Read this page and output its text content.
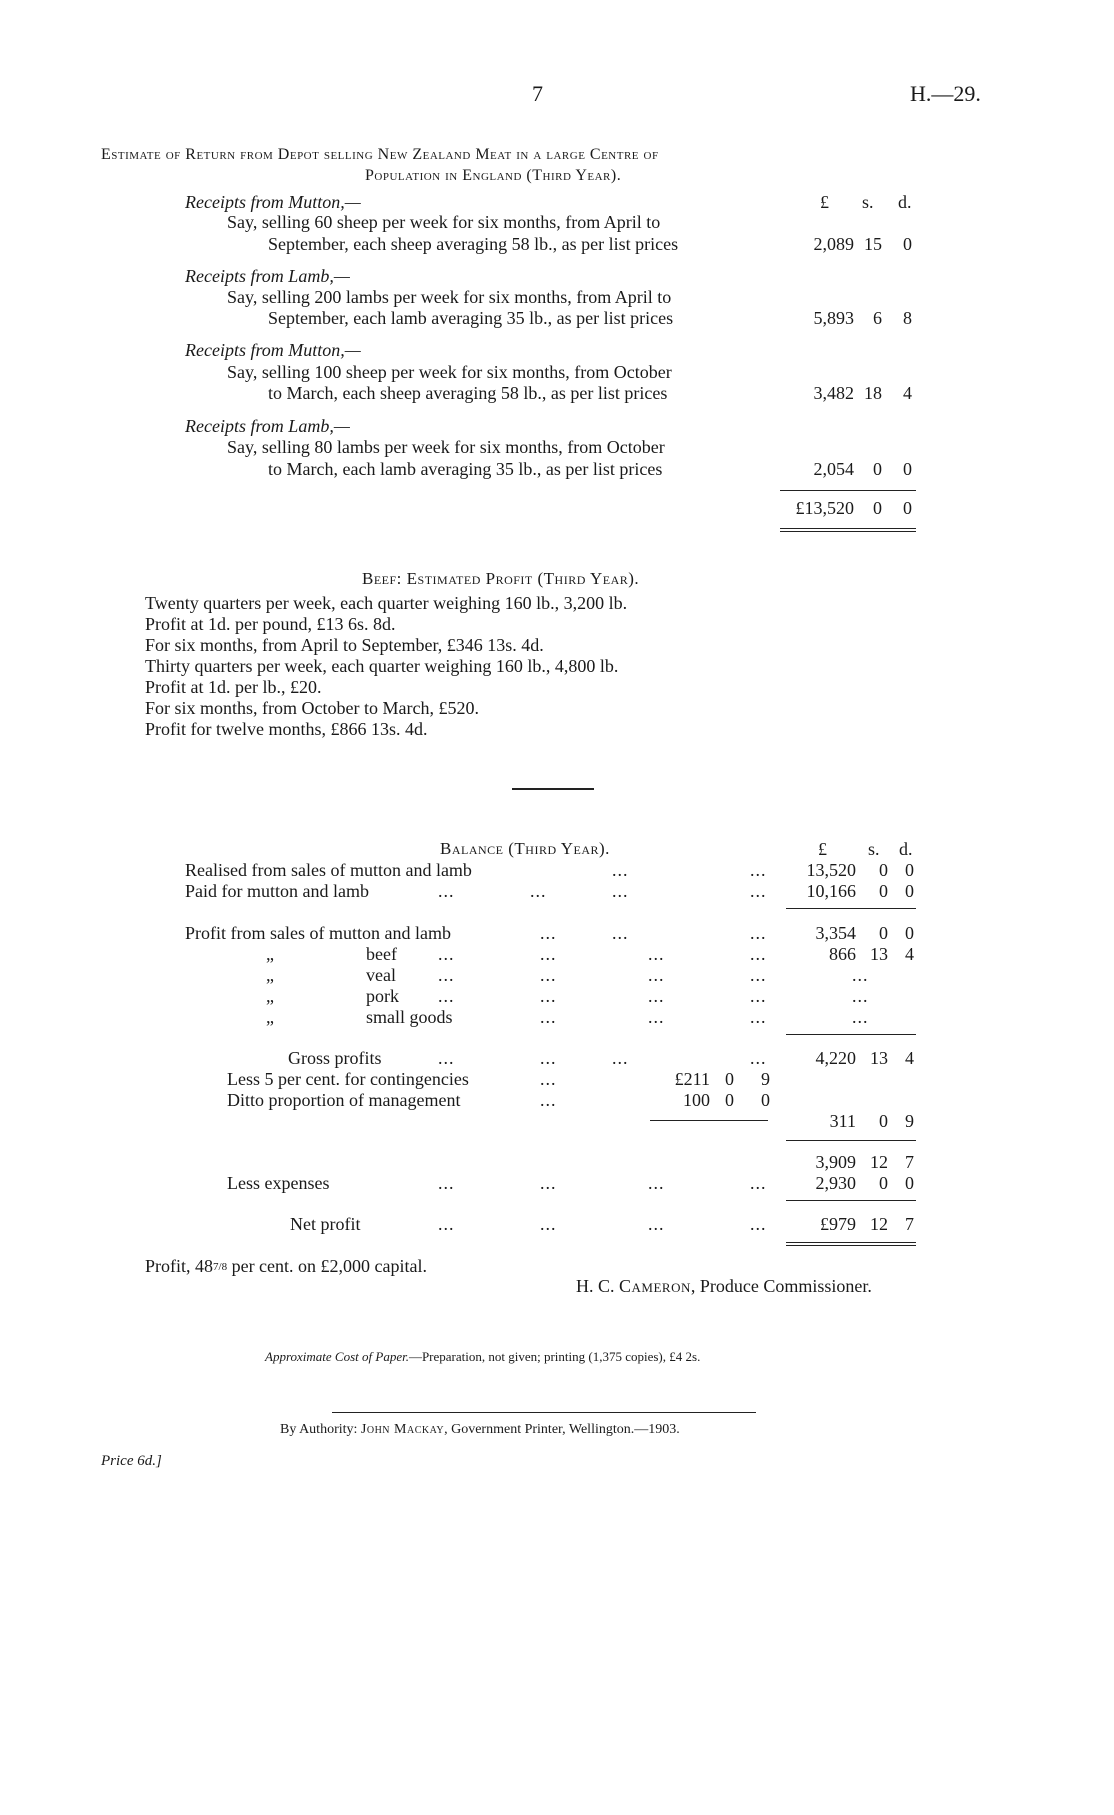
7	H.—29.
Estimate of Return from Depot selling New Zealand Meat in a large Centre of
Population in England (Third Year).
£ s. d.
Receipts from Mutton,—
Say, selling 60 sheep per week for six months, from April to
September, each sheep averaging 58 lb., as per list prices	2,089 15	0
Receipts from Lamb,—
Say, selling 200 lambs per week for six months, from April to
September, each lamb averaging 35 lb., as per list prices	5,893	6	8
Receipts from Mutton,—
Say, selling 100 sheep per week for six months, from October
to March, each sheep averaging 58 lb., as per list prices	3,482 18	4
Receipts from Lamb,—
Say, selling 80 lambs per week for six months, from October
to March, each lamb averaging 35 lb., as per list prices	2,054	0	0
£13,520	0	0
Beef: Estimated Profit (Third Year).
Twenty quarters per week, each quarter weighing 160 lb., 3,200 lb.
Profit at 1d. per pound, £13 6s. 8d.
For six months, from April to September, £346 13s. 4d.
Thirty quarters per week, each quarter weighing 160 lb., 4,800 lb.
Profit at 1d. per lb., £20.
For six months, from October to March, £520.
Profit for twelve months, £866 13s. 4d.
Balance (Third Year).	£ s. d.
Realised from sales of mutton and lamb	...	...	13,520	0 0
Paid for mutton and lamb	...	...	...	...	10,166	0 0
Profit from sales of mutton and lamb	...	...	...	3,354	0 0
„	beef ...	...	...	...	866 13 4
„	veal ...	...	...	...	...
„	pork ...	...	...	...	...
„	small goods	...	...	...	...
Gross profits	...	...	...	...	4,220 13 4
Less 5 per cent. for contingencies	...	£211 0	9
Ditto proportion of management	...	100 0	0
311	0 9
3,909 12 7
Less expenses	...	...	...	...	2,930	0 0
Net profit	...	...	...	...	£979 12 7
Profit, 487/8 per cent. on £2,000 capital.
H. C. Cameron, Produce Commissioner.
Approximate Cost of Paper.—Preparation, not given; printing (1,375 copies), £4 2s.
By Authority: John Mackay, Government Printer, Wellington.—1903.
Price 6d.]
